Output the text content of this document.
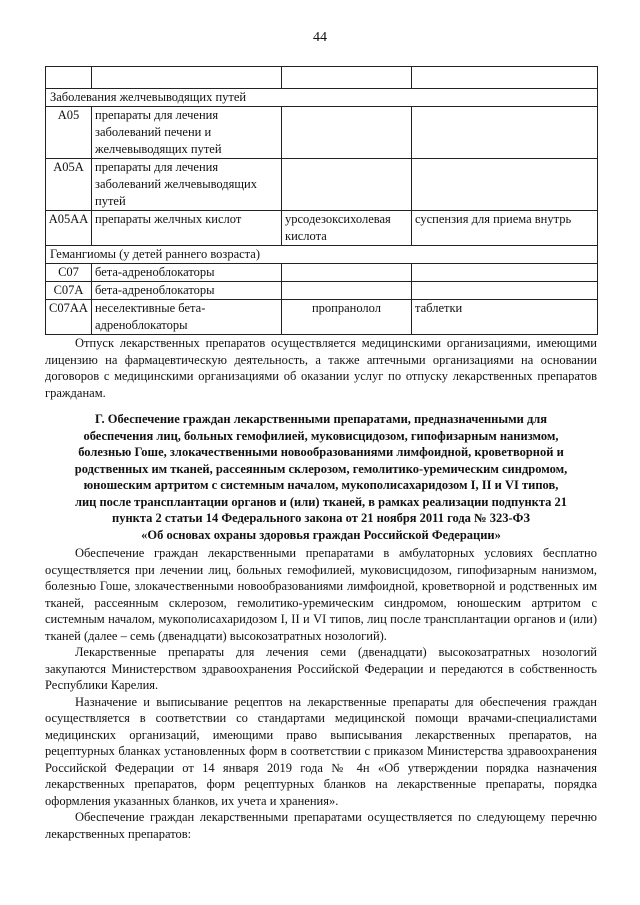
44

Заболевания желчевыводящих путей			
A05	препараты для лечения заболеваний печени и желчевыводящих путей		
A05A	препараты для лечения заболеваний желчевыводящих путей		
A05AA	препараты желчных кислот	урсодезоксихолевая кислота	суспензия для приема внутрь
Гемангиомы (у детей раннего возраста)			
C07	бета-адреноблокаторы		
C07A	бета-адреноблокаторы		
C07AA	неселективные бета-адреноблокаторы	пропранолол	таблетки

Отпуск лекарственных препаратов осуществляется медицинскими организациями, имеющими лицензию на фармацевтическую деятельность, а также аптечными организациями на основании договоров с медицинскими организациями об оказании услуг по отпуску лекарственных препаратов гражданам.

Г. Обеспечение граждан лекарственными препаратами, предназначенными для
обеспечения лиц, больных гемофилией, муковисцидозом, гипофизарным нанизмом,
болезнью Гоше, злокачественными новообразованиями лимфоидной, кроветворной и
родственных им тканей, рассеянным склерозом, гемолитико-уремическим синдромом,
юношеским артритом с системным началом, мукополисахаридозом I, II и VI типов,
лиц после трансплантации органов и (или) тканей, в рамках реализации подпункта 21
пункта 2 статьи 14 Федерального закона от 21 ноября 2011 года № 323-ФЗ
«Об основах охраны здоровья граждан Российской Федерации»

Обеспечение граждан лекарственными препаратами в амбулаторных условиях бесплатно осуществляется при лечении лиц, больных гемофилией, муковисцидозом, гипофизарным нанизмом, болезнью Гоше, злокачественными новообразованиями лимфоидной, кроветворной и родственных им тканей, рассеянным склерозом, гемолитико-уремическим синдромом, юношеским артритом с системным началом, мукополисахаридозом I, II и VI типов, лиц после трансплантации органов и (или) тканей (далее – семь (двенадцати) высокозатратных нозологий).

Лекарственные препараты для лечения семи (двенадцати) высокозатратных нозологий закупаются Министерством здравоохранения Российской Федерации и передаются в собственность Республики Карелия.

Назначение и выписывание рецептов на лекарственные препараты для обеспечения граждан осуществляется в соответствии со стандартами медицинской помощи врачами-специалистами медицинских организаций, имеющими право выписывания лекарственных препаратов, на рецептурных бланках установленных форм в соответствии с приказом Министерства здравоохранения Российской Федерации от 14 января 2019 года № 4н «Об утверждении порядка назначения лекарственных препаратов, форм рецептурных бланков на лекарственные препараты, порядка оформления указанных бланков, их учета и хранения».

Обеспечение граждан лекарственными препаратами осуществляется по следующему перечню лекарственных препаратов:
